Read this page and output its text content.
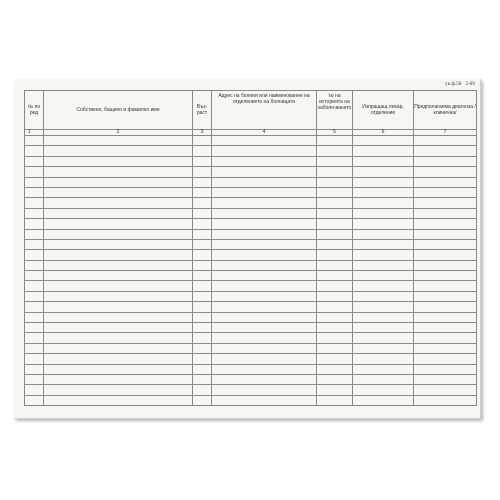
ук.ф.50 2-69
№ по ред	Собствено, бащино и фамилно име	Въз-раст	Адрес на болния или наименование на отделението на болницата	№ на историята на заболя-ването	Изпращащ лекар, отделение	Предполагаема диагноза /клинична/
1	2	3	4	5	6	7
